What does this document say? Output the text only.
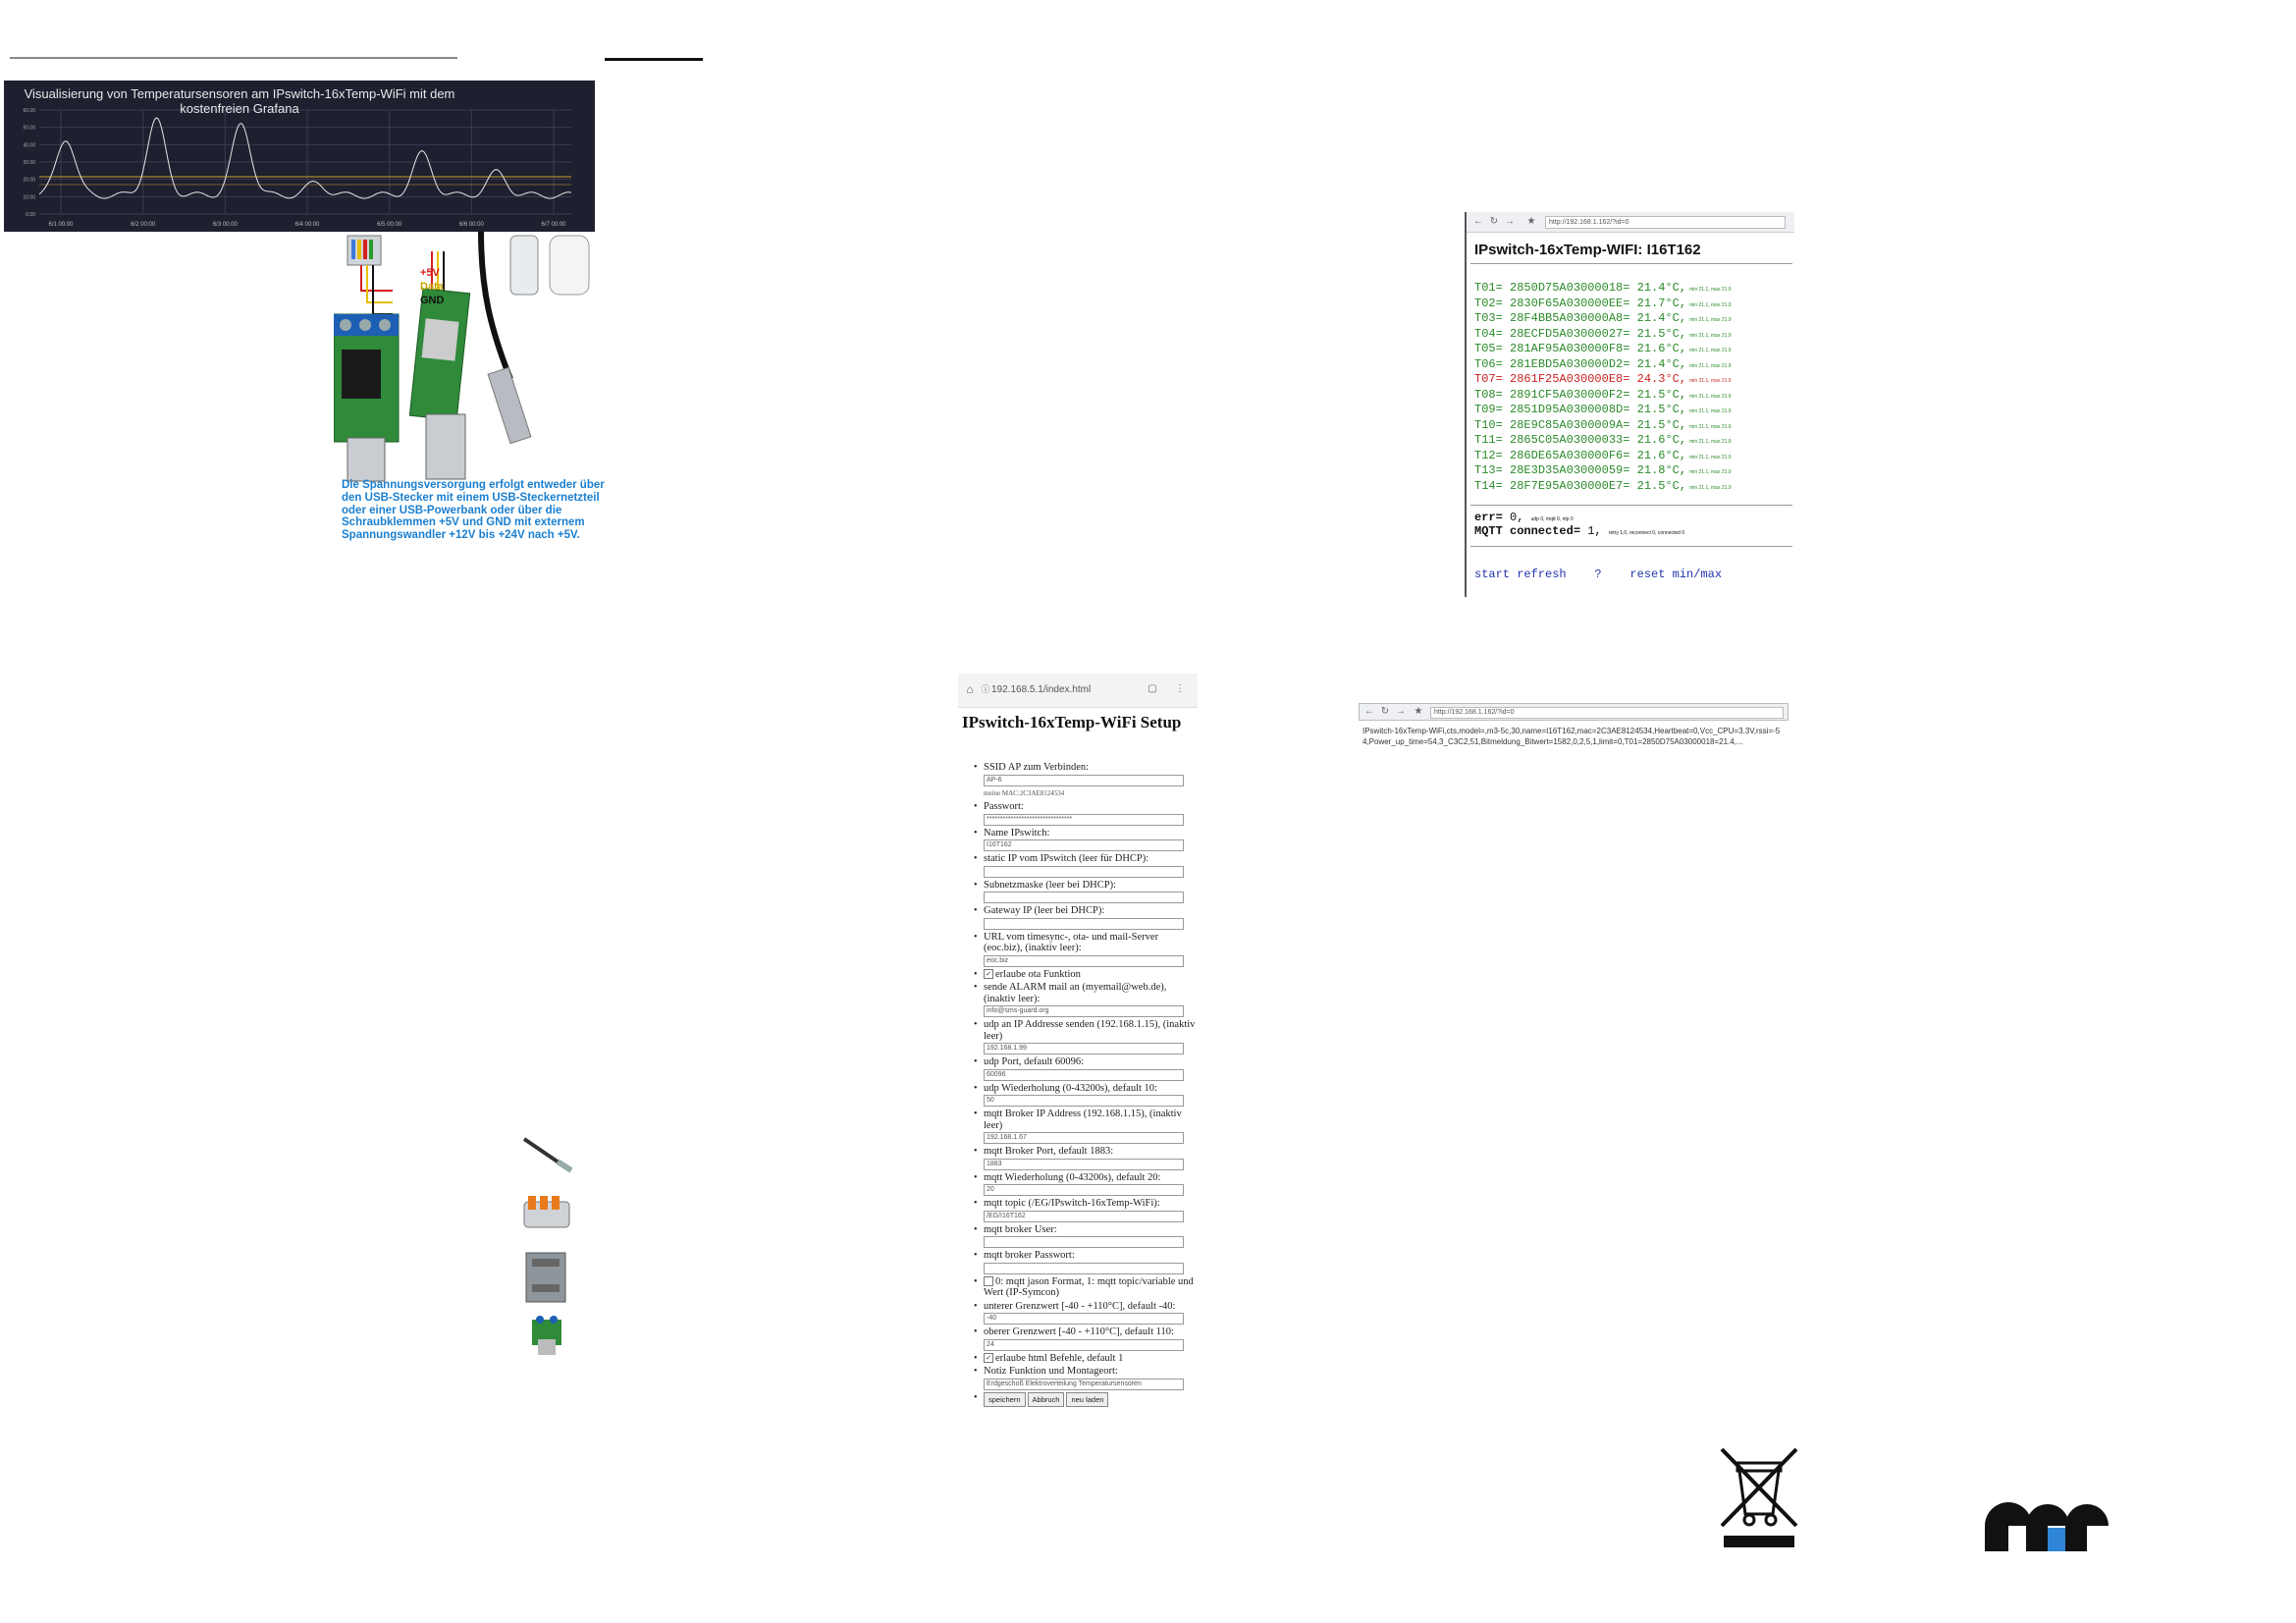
60.00
50.00
40.00
30.00
20.00
10.00
0.00
6/1 00:00	6/2 00:00	6/3 00:00	6/4 00:00	6/5 00:00	6/6 00:00	6/7 00:00
Visualisierung von Temperatursensoren am IPswitch-16xTemp-WiFi mit dem kostenfreien Grafana
+5V
Data
GND
Die Spannungsversorgung erfolgt entweder über den USB-Stecker mit einem USB-Steckernetzteil oder einer USB-Powerbank oder über die Schraubklemmen +5V und GND mit externem Spannungswandler +12V bis +24V nach +5V.
← ↻ → ★	http://192.168.1.162/?id=0
IPswitch-16xTemp-WIFI: I16T162
T01= 2850D75A03000018= 21.4°C, min 21.1, max 21.9
T02= 2830F65A030000EE= 21.7°C, min 21.1, max 21.9
T03= 28F4BB5A030000A8= 21.4°C, min 21.1, max 21.9
T04= 28ECFD5A03000027= 21.5°C, min 21.1, max 21.9
T05= 281AF95A030000F8= 21.6°C, min 21.1, max 21.9
T06= 281EBD5A030000D2= 21.4°C, min 21.1, max 21.9
T07= 2861F25A030000E8= 24.3°C, min 21.1, max 21.9
T08= 2891CF5A030000F2= 21.5°C, min 21.1, max 21.9
T09= 2851D95A0300008D= 21.5°C, min 21.1, max 21.9
T10= 28E9C85A0300009A= 21.5°C, min 21.1, max 21.9
T11= 2865C05A03000033= 21.6°C, min 21.1, max 21.9
T12= 286DE65A030000F6= 21.6°C, min 21.1, max 21.9
T13= 28E3D35A03000059= 21.8°C, min 21.1, max 21.9
T14= 28F7E95A030000E7= 21.5°C, min 21.1, max 21.9
err= 0, udp 0, mqtt 0, ntp 0
MQTT connected= 1, retry 1,0, reconnect 0, connected 0
start refresh    ?    reset min/max
⌂ ⓘ 192.168.5.1/index.html	▢ ⋮
IPswitch-16xTemp-WiFi Setup
• SSID AP zum Verbinden:
AP-6
meine MAC:2C3AE8124534
• Passwort:
********************************
• Name IPswitch:
I16T162
• static IP vom IPswitch (leer für DHCP):
• Subnetzmaske (leer bei DHCP):
• Gateway IP (leer bei DHCP):
• URL vom timesync-, ota- und mail-Server (eoc.biz), (inaktiv leer):
eoc.biz
• ✓ erlaube ota Funktion
• sende ALARM mail an (myemail@web.de), (inaktiv leer):
info@sms-guard.org
• udp an IP Addresse senden (192.168.1.15), (inaktiv leer)
192.168.1.99
• udp Port, default 60096:
60096
• udp Wiederholung (0-43200s), default 10:
50
• mqtt Broker IP Address (192.168.1.15), (inaktiv leer)
192.168.1.67
• mqtt Broker Port, default 1883:
1883
• mqtt Wiederholung (0-43200s), default 20:
20
• mqtt topic (/EG/IPswitch-16xTemp-WiFi):
/EG/I16T162
• mqtt broker User:
• mqtt broker Passwort:
• 0: mqtt jason Format, 1: mqtt topic/variable und Wert (IP-Symcon)
• unterer Grenzwert [-40 - +110°C], default -40:
-40
• oberer Grenzwert [-40 - +110°C], default 110:
24
• ✓ erlaube html Befehle, default 1
• Notiz Funktion und Montageort:
Erdgeschoß Elektroverteilung Temperatursensoren
• speichern Abbruch neu laden
← ↻ → ★	http://192.168.1.162/?id=0
IPswitch-16xTemp-WiFi,cts,model=,m3-5c,30,name=I16T162,mac=2C3AE8124534,Heartbeat=0,Vcc_CPU=3.3V,rssi=-54,Power_up_time=54,3_C3C2,51,Bitmeldung_Bitwert=1582,0,2,5,1,limit=0,T01=2850D75A03000018=21.4,...
